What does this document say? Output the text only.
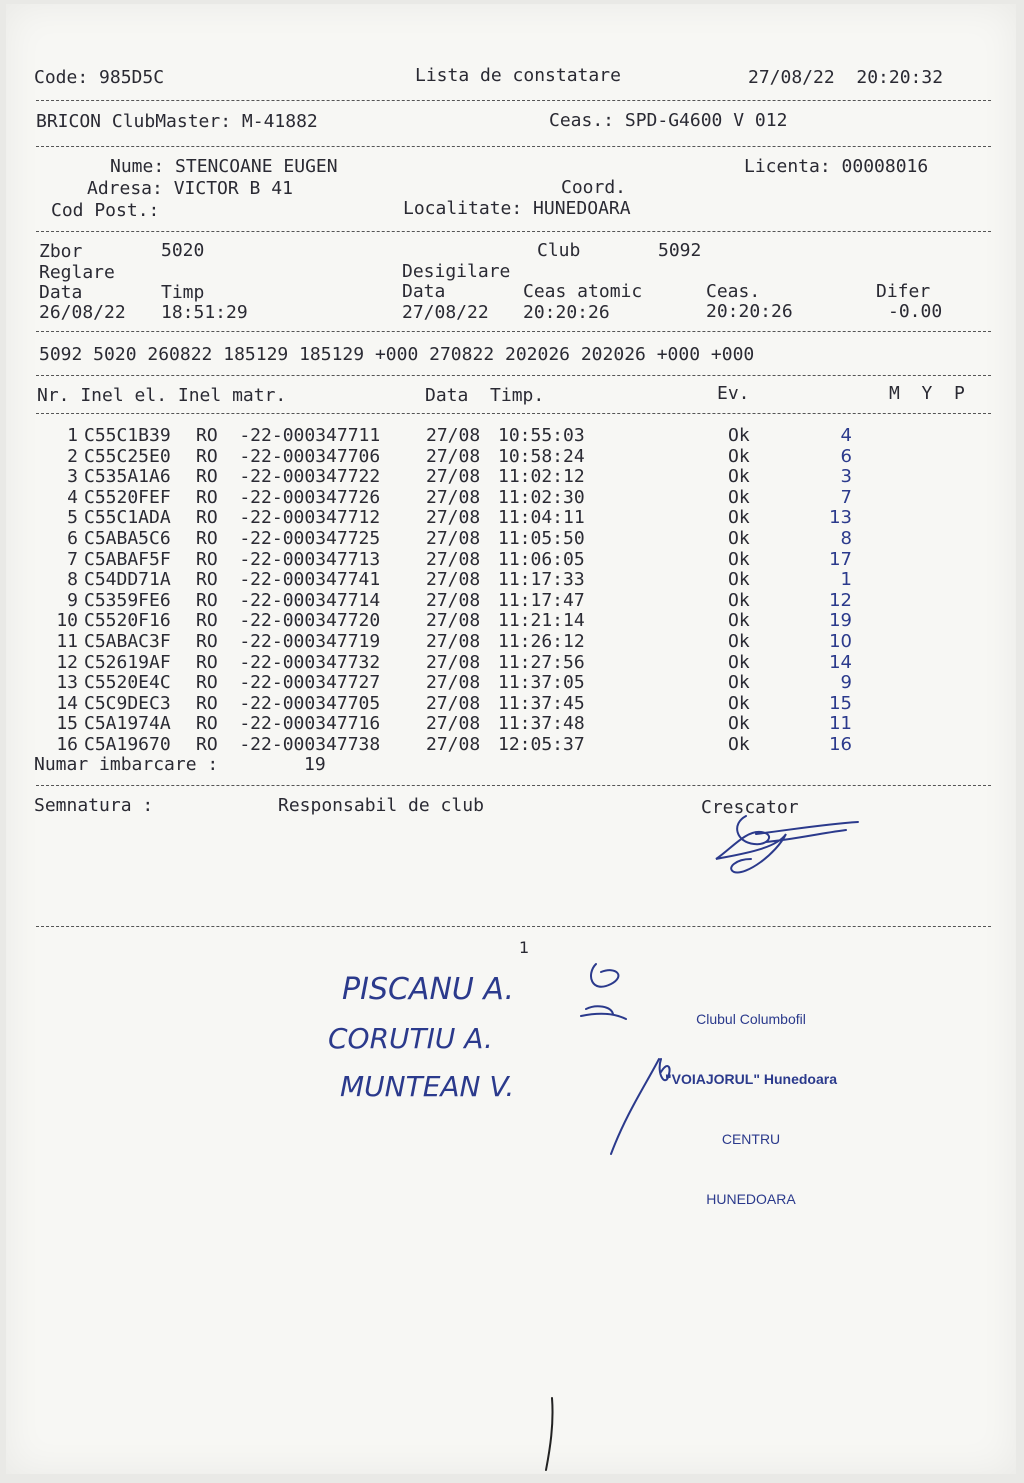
Code: 985D5C	Lista de constatare	27/08/22  20:20:32
BRICON ClubMaster: M-41882	Ceas.: SPD-G4600 V 012
Nume: STENCOANE EUGEN	Licenta: 00008016
Adresa: VICTOR B 41	Coord.
Cod Post.:	Localitate: HUNEDOARA
Zbor	5020	Club	5092
Reglare	Desigilare
Data	Timp	Data	Ceas atomic	Ceas.	Difer
26/08/22 18:51:29	27/08/22 20:20:26	20:20:26	-0.00
5092 5020 260822 185129 185129 +000 270822 202026 202026 +000 +000
Nr. Inel el. Inel matr.	Data  Timp.	Ev.	M  Y  P
1 C55C1B39 RO  -22-000347711	27/08 10:55:03	Ok	4
2 C55C25E0 RO  -22-000347706	27/08 10:58:24	Ok	6
3 C535A1A6 RO  -22-000347722	27/08 11:02:12	Ok	3
4 C5520FEF RO  -22-000347726	27/08 11:02:30	Ok	7
5 C55C1ADA RO  -22-000347712	27/08 11:04:11	Ok	13
6 C5ABA5C6 RO  -22-000347725	27/08 11:05:50	Ok	8
7 C5ABAF5F RO  -22-000347713	27/08 11:06:05	Ok	17
8 C54DD71A RO  -22-000347741	27/08 11:17:33	Ok	1
9 C5359FE6 RO  -22-000347714	27/08 11:17:47	Ok	12
10 C5520F16 RO  -22-000347720	27/08 11:21:14	Ok	19
11 C5ABAC3F RO  -22-000347719	27/08 11:26:12	Ok	10
12 C52619AF RO  -22-000347732	27/08 11:27:56	Ok	14
13 C5520E4C RO  -22-000347727	27/08 11:37:05	Ok	9
14 C5C9DEC3 RO  -22-000347705	27/08 11:37:45	Ok	15
15 C5A1974A RO  -22-000347716	27/08 11:37:48	Ok	11
16 C5A19670 RO  -22-000347738	27/08 12:05:37	Ok	16
Numar imbarcare :	19
Semnatura :	Responsabil de club	Crescator
1
PISCANU A.
CORUTIU A.
MUNTEAN V.

Clubul Columbofil

"VOIAJORUL" Hunedoara

CENTRU

HUNEDOARA
